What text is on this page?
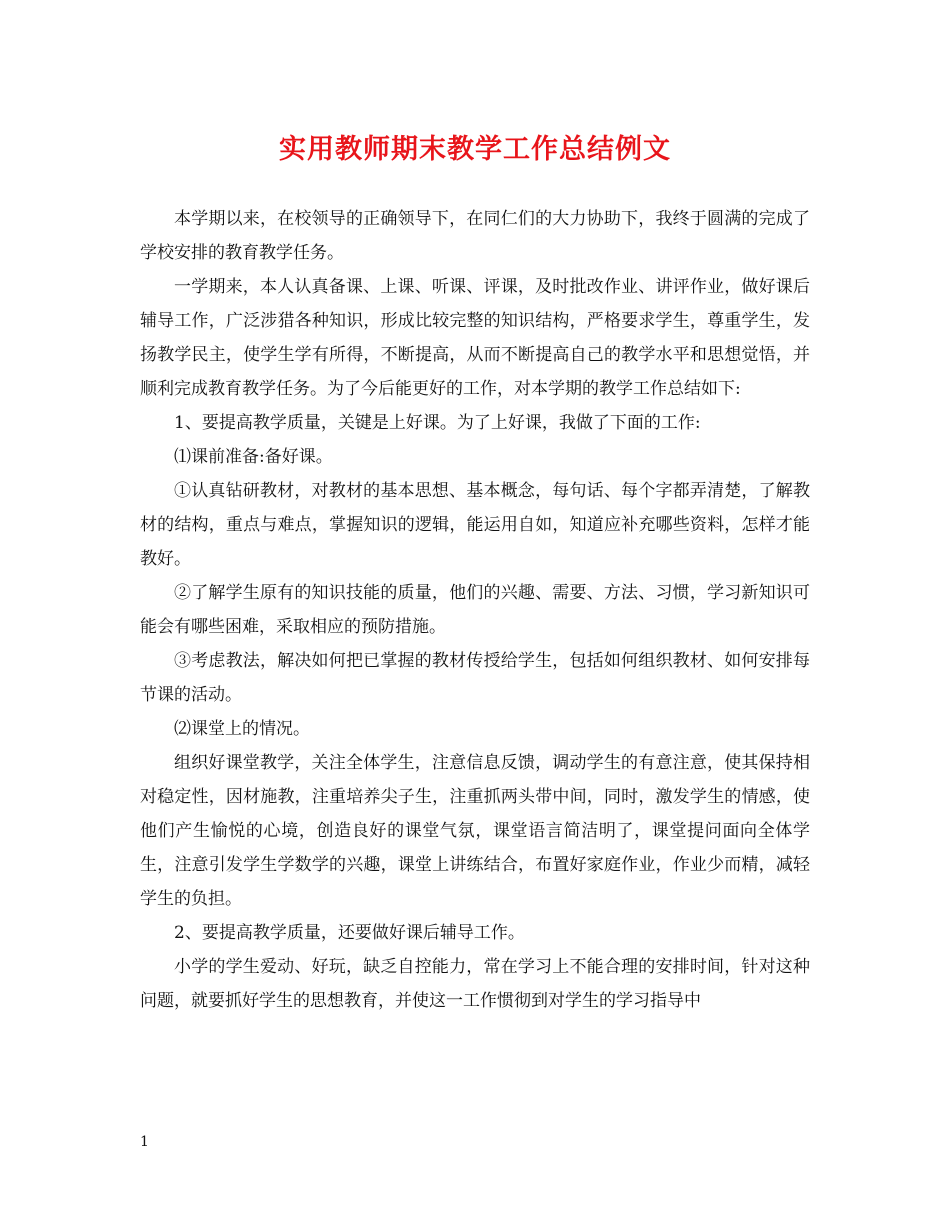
实用教师期末教学工作总结例文

本学期以来，在校领导的正确领导下，在同仁们的大力协助下，我终于圆满的完成了学校安排的教育教学任务。

一学期来，本人认真备课、上课、听课、评课，及时批改作业、讲评作业，做好课后辅导工作，广泛涉猎各种知识，形成比较完整的知识结构，严格要求学生，尊重学生，发扬教学民主，使学生学有所得，不断提高，从而不断提高自己的教学水平和思想觉悟，并顺利完成教育教学任务。为了今后能更好的工作，对本学期的教学工作总结如下:

1、要提高教学质量，关键是上好课。为了上好课，我做了下面的工作:

⑴课前准备:备好课。

①认真钻研教材，对教材的基本思想、基本概念，每句话、每个字都弄清楚，了解教材的结构，重点与难点，掌握知识的逻辑，能运用自如，知道应补充哪些资料，怎样才能教好。

②了解学生原有的知识技能的质量，他们的兴趣、需要、方法、习惯，学习新知识可能会有哪些困难，采取相应的预防措施。

③考虑教法，解决如何把已掌握的教材传授给学生，包括如何组织教材、如何安排每节课的活动。

⑵课堂上的情况。

组织好课堂教学，关注全体学生，注意信息反馈，调动学生的有意注意，使其保持相对稳定性，因材施教，注重培养尖子生，注重抓两头带中间，同时，激发学生的情感，使他们产生愉悦的心境，创造良好的课堂气氛，课堂语言简洁明了，课堂提问面向全体学生，注意引发学生学数学的兴趣，课堂上讲练结合，布置好家庭作业，作业少而精，减轻学生的负担。

2、要提高教学质量，还要做好课后辅导工作。

小学的学生爱动、好玩，缺乏自控能力，常在学习上不能合理的安排时间，针对这种问题，就要抓好学生的思想教育，并使这一工作惯彻到对学生的学习指导中

1
